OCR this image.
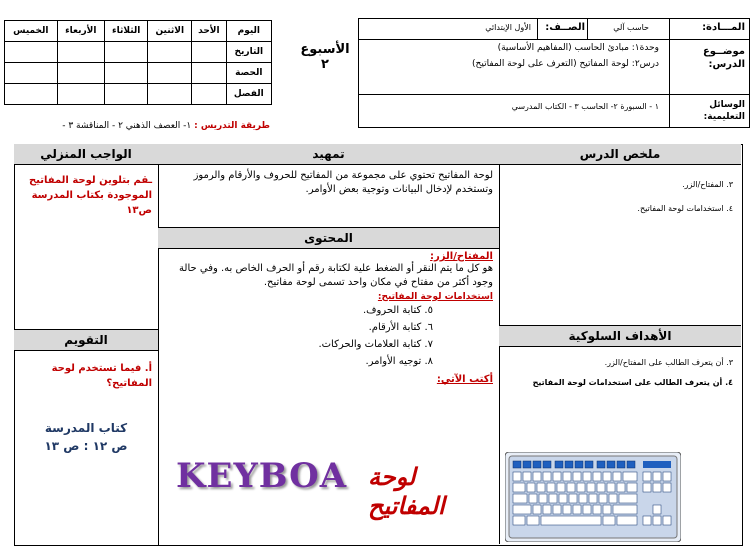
الخميس	الأربعاء	الثلاثاء	الاثنين	الأحد	اليوم
					التاريخ
					الحصة
					الفصل
الأسبوع
٢
المـــادة:
حاسب آلي
الصــف:
الأول الإبتدائي
موضــوع الدرس:
وحدة١: مبادئ الحاسب (المفاهيم الأساسية)
درس٢: لوحة المفاتيح (التعرف على لوحة المفاتيح)
الوسائل التعليمية:
١ - السبورة ٢- الحاسب ٣ - الكتاب المدرسي
طريقة التدريس : ١- العصف الذهني ٢ - المناقشة ٣ -
الواجب المنزلي
ـقم بتلوين لوحة المفاتيح الموجودة بكتاب المدرسة ص١٣
التقويم
أ. فيما تستخدم لوحة المفاتيح؟
كتاب المدرسة
ص ١٢ : ص ١٣
تمهيد
لوحة المفاتيح تحتوي على مجموعة من المفاتيح للحروف والأرقام والرموز وتستخدم لإدخال البيانات وتوجية بعض الأوامر.
المحتوى
المفتاح/الزر:
هو كل ما يتم النقر أو الضغط علية لكتابة رقم أو الحرف الخاص به. وفي حالة وجود أكثر من مفتاح في مكان واحد تسمى لوحة مفاتيح.
استخدامات لوحة المفاتيح:
٥. كتابة الحروف.
٦. كتابة الأرقام.
٧. كتابة العلامات والحركات.
٨. توجيه الأوامر.
أكتب الآتي:
KEYBOA لوحة المفاتيح
ملخص الدرس
٣. المفتاح/الزر.
٤. استخدامات لوحة المفاتيح.
الأهداف السلوكية
٣. أن يتعرف الطالب على المفتاح/الزر.
٤. أن يتعرف الطالب على استخدامات لوحة المفاتيح
